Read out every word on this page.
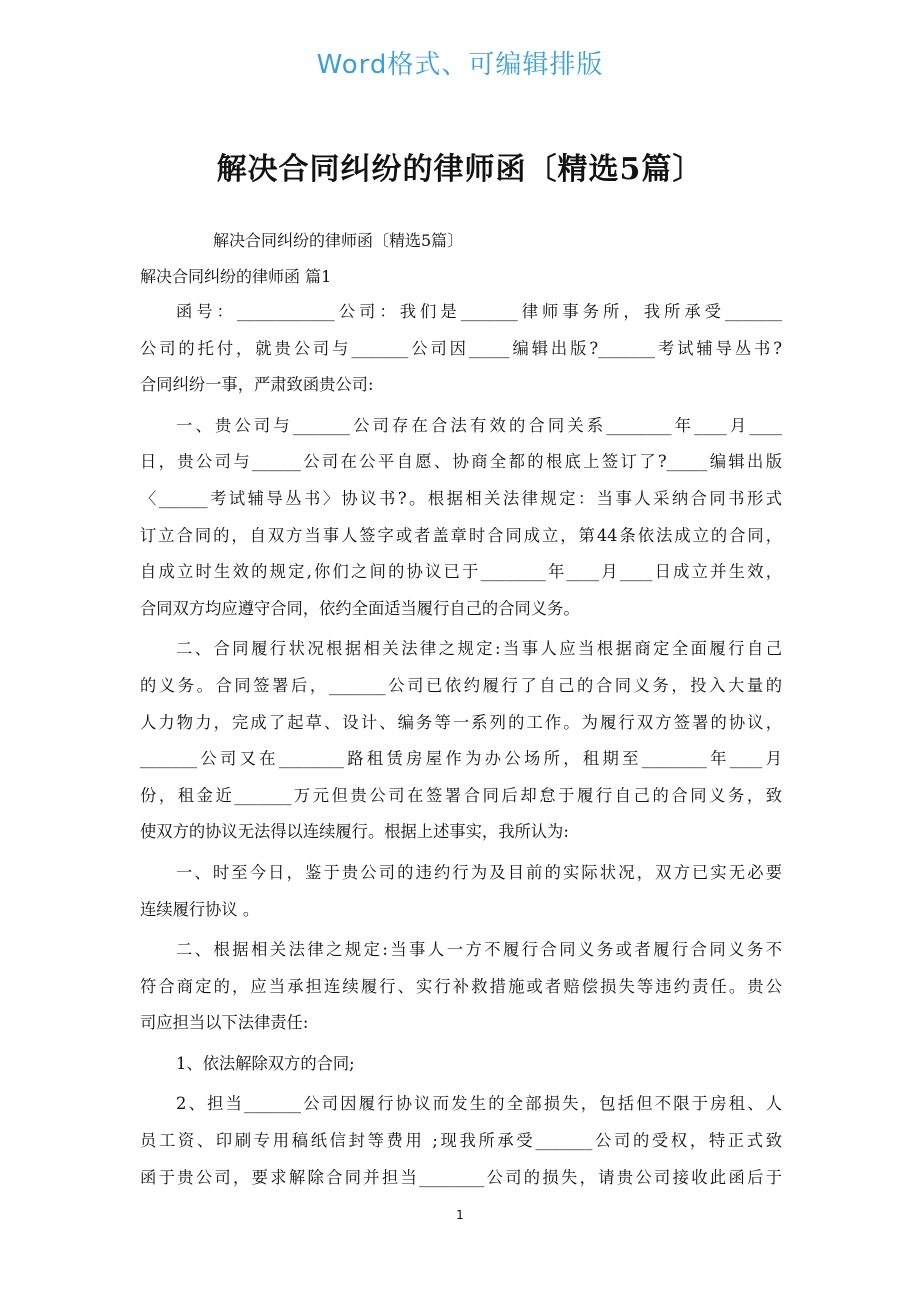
Word格式、可编辑排版
解决合同纠纷的律师函〔精选5篇〕
解决合同纠纷的律师函〔精选5篇〕
解决合同纠纷的律师函 篇1
函号：____________公司：我们是_______律师事务所，我所承受_______
公司的托付，就贵公司与_______公司因_____编辑出版?_______考试辅导丛书?
合同纠纷一事，严肃致函贵公司:
一、贵公司与_______公司存在合法有效的合同关系________年____月____
日，贵公司与______公司在公平自愿、协商全都的根底上签订了?_____编辑出版
〈______考试辅导丛书〉协议书?。根据相关法律规定：当事人采纳合同书形式
订立合同的，自双方当事人签字或者盖章时合同成立，第44条依法成立的合同，
自成立时生效的规定,你们之间的协议已于________年____月____日成立并生效，
合同双方均应遵守合同，依约全面适当履行自己的合同义务。
二、合同履行状况根据相关法律之规定:当事人应当根据商定全面履行自己
的义务。合同签署后，_______公司已依约履行了自己的合同义务，投入大量的
人力物力，完成了起草、设计、编务等一系列的工作。为履行双方签署的协议，
_______公司又在________路租赁房屋作为办公场所，租期至________年____月
份，租金近_______万元但贵公司在签署合同后却怠于履行自己的合同义务，致
使双方的协议无法得以连续履行。根据上述事实，我所认为:
一、时至今日，鉴于贵公司的违约行为及目前的实际状况，双方已实无必要
连续履行协议 。
二、根据相关法律之规定:当事人一方不履行合同义务或者履行合同义务不
符合商定的，应当承担连续履行、实行补救措施或者赔偿损失等违约责任。贵公
司应担当以下法律责任:
1、依法解除双方的合同;
2、担当_______公司因履行协议而发生的全部损失，包括但不限于房租、人
员工资、印刷专用稿纸信封等费用 ;现我所承受_______公司的受权，特正式致
函于贵公司，要求解除合同并担当________公司的损失，请贵公司接收此函后于
1
